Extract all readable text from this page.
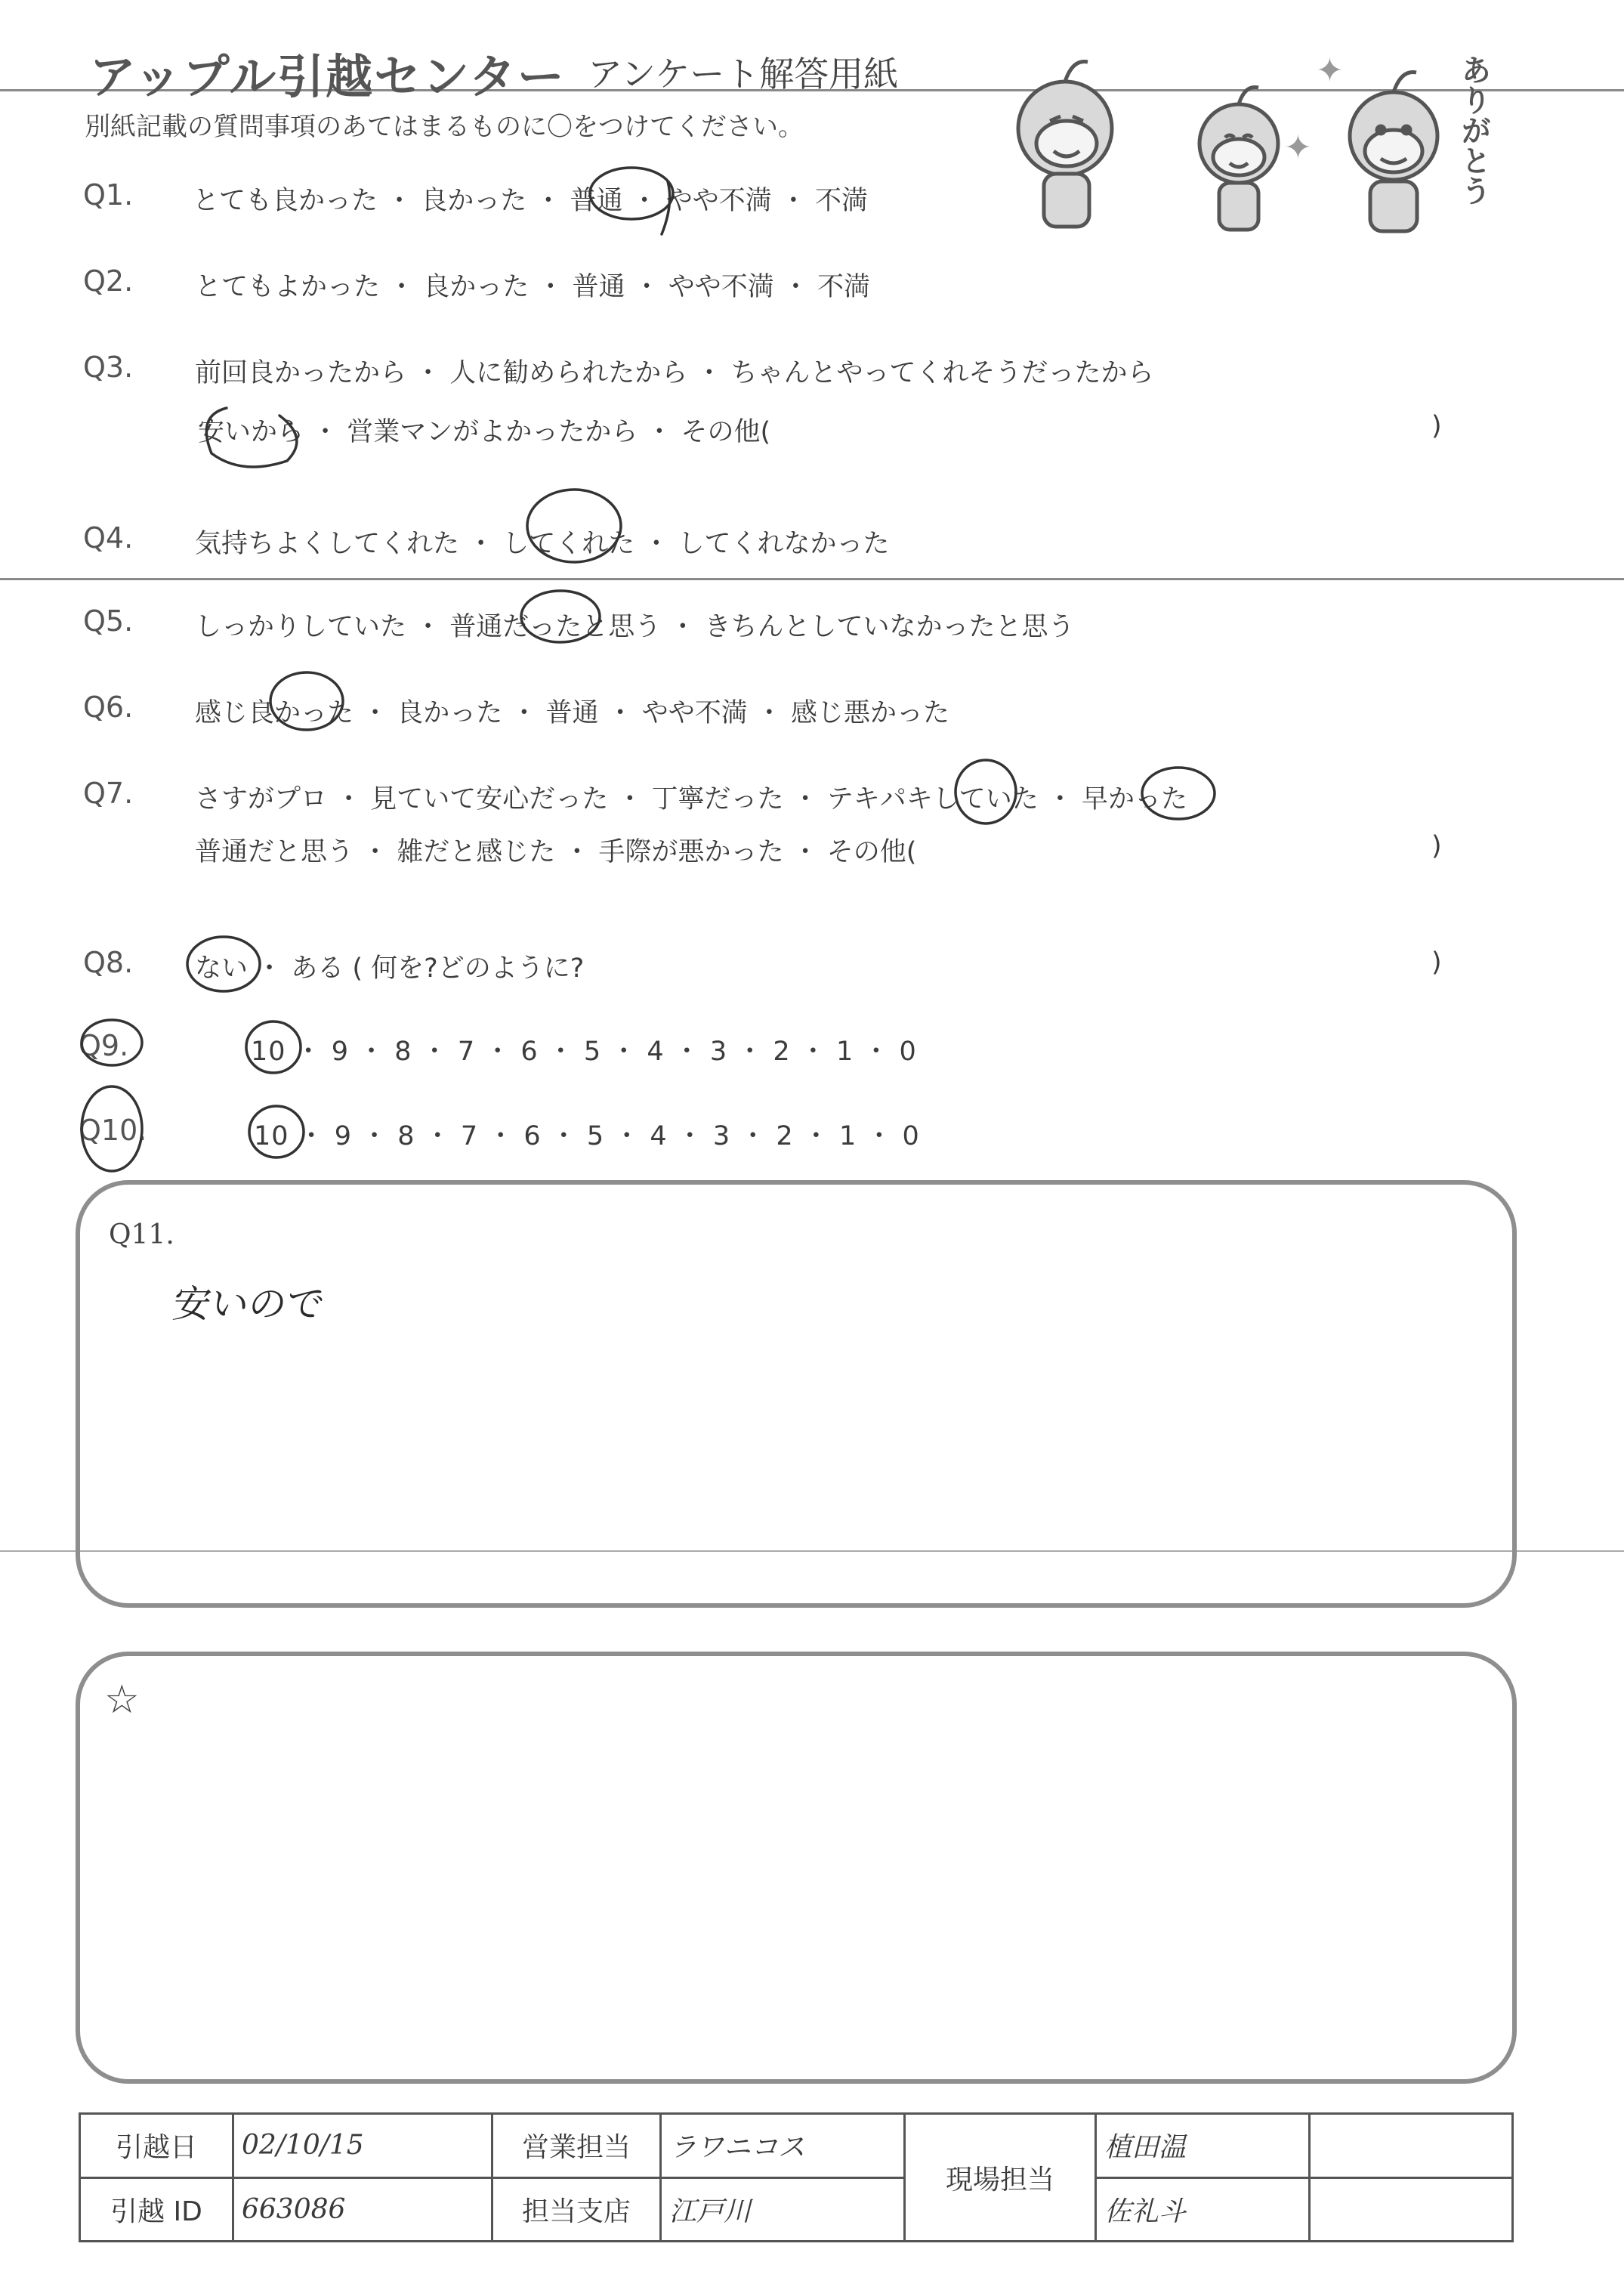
アップル引越センター アンケート解答用紙
別紙記載の質問事項のあてはまるものに〇をつけてください。
✦
✦	ありがとう
Q1. とても良かった ・ 良かった ・ 普通 ・ やや不満 ・ 不満
Q2. とてもよかった ・ 良かった ・ 普通 ・ やや不満 ・ 不満
Q3. 前回良かったから ・ 人に勧められたから ・ ちゃんとやってくれそうだったから
安いから ・ 営業マンがよかったから ・ その他(	)
Q4. 気持ちよくしてくれた ・ してくれた ・ してくれなかった
Q5. しっかりしていた ・ 普通だったと思う ・ きちんとしていなかったと思う
Q6. 感じ良かった ・ 良かった ・ 普通 ・ やや不満 ・ 感じ悪かった
Q7. さすがプロ ・ 見ていて安心だった ・ 丁寧だった ・ テキパキしていた ・ 早かった
普通だと思う ・ 雑だと感じた ・ 手際が悪かった ・ その他(	)
Q8. ない ・ ある ( 何を?どのように?	)
Q9.	10 ・ 9 ・ 8 ・ 7 ・ 6 ・ 5 ・ 4 ・ 3 ・ 2 ・ 1 ・ 0
Q10.	10 ・ 9 ・ 8 ・ 7 ・ 6 ・ 5 ・ 4 ・ 3 ・ 2 ・ 1 ・ 0
Q11.
安いので
☆
引越日	02/10/15	営業担当	ラワニコス	現場担当	植田温	
引越 ID	663086	担当支店	江戸川		佐礼斗	
